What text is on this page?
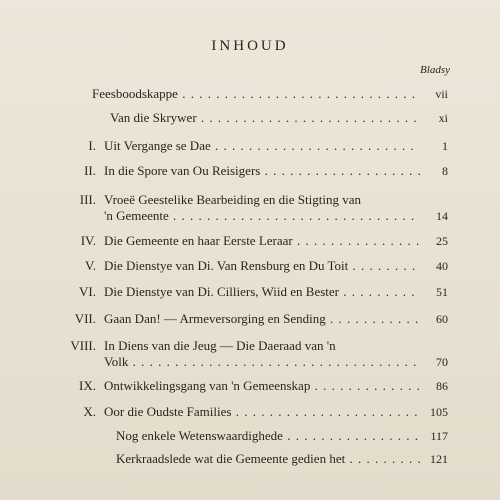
INHOUD
Bladsy
Feesboodskappe . . .	vii
Van die Skrywer . . .	xi
I. Uit Vergange se Dae . . .	1
II. In die Spore van Ou Reisigers . . .	8
III. Vroeë Geestelike Bearbeiding en die Stigting van
'n Gemeente . . .	14
IV. Die Gemeente en haar Eerste Leraar . . .	25
V. Die Dienstye van Di. Van Rensburg en Du Toit . . .	40
VI. Die Dienstye van Di. Cilliers, Wiid en Bester . . .	51
VII. Gaan Dan! — Armeversorging en Sending . . .	60
VIII. In Diens van die Jeug — Die Daeraad van 'n
Volk . . .	70
IX. Ontwikkelingsgang van 'n Gemeenskap . . .	86
X. Oor die Oudste Families . . .	105
Nog enkele Wetenswaardighede . . .	117
Kerkraadslede wat die Gemeente gedien het . . .	121
